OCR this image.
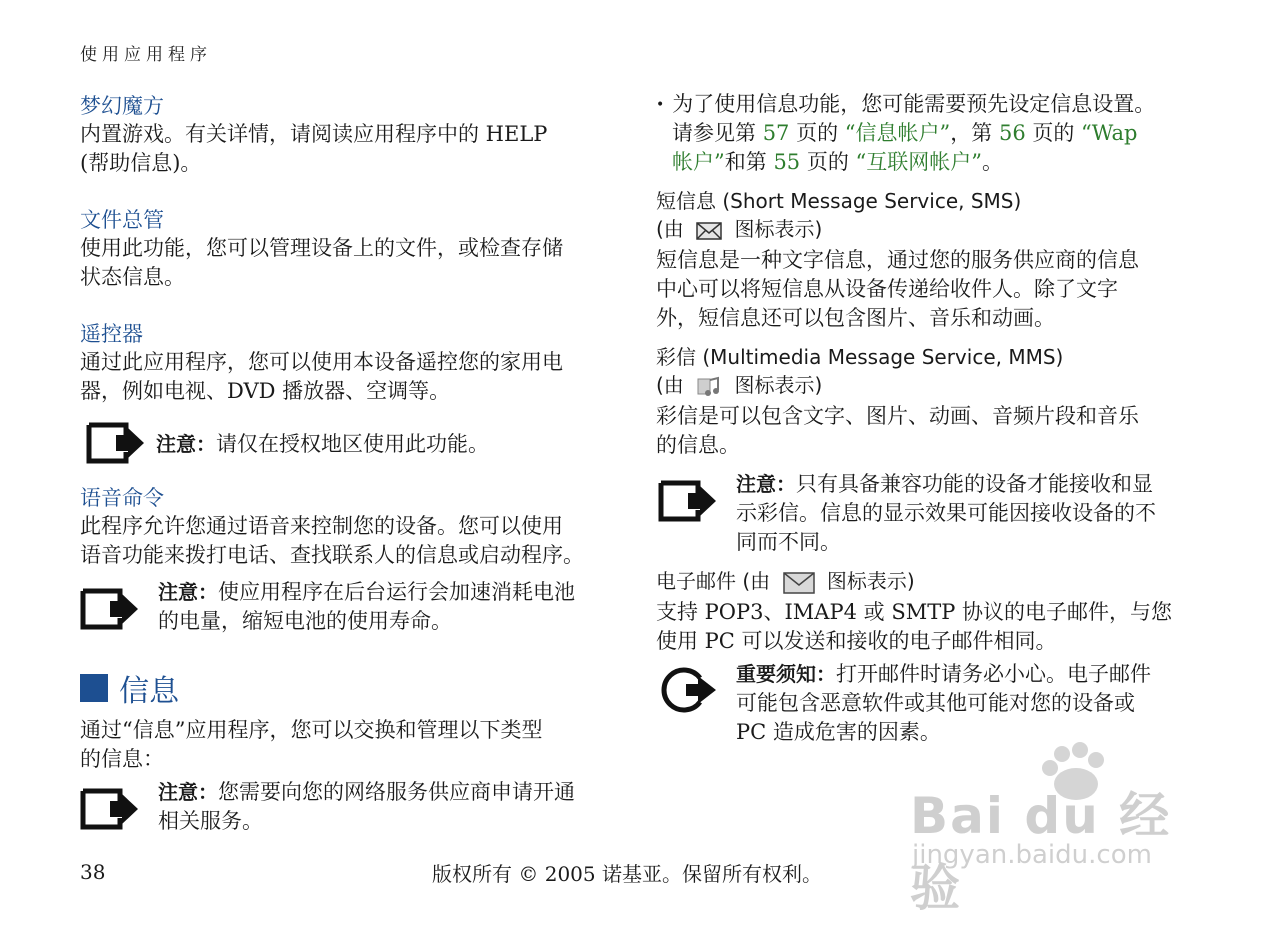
使用应用程序
梦幻魔方
内置游戏。有关详情，请阅读应用程序中的 HELP
(帮助信息)。
文件总管
使用此功能，您可以管理设备上的文件，或检查存储
状态信息。
遥控器
通过此应用程序，您可以使用本设备遥控您的家用电
器，例如电视、DVD 播放器、空调等。
注意：请仅在授权地区使用此功能。
语音命令
此程序允许您通过语音来控制您的设备。您可以使用
语音功能来拨打电话、查找联系人的信息或启动程序。
注意：使应用程序在后台运行会加速消耗电池
的电量，缩短电池的使用寿命。
信息
通过“信息”应用程序，您可以交换和管理以下类型
的信息：
注意：您需要向您的网络服务供应商申请开通
相关服务。
• 为了使用信息功能，您可能需要预先设定信息设置。
请参见第 57 页的 “信息帐户”，第 56 页的 “Wap
帐户”和第 55 页的 “互联网帐户”。
短信息 (Short Message Service, SMS)
(由	图标表示)
短信息是一种文字信息，通过您的服务供应商的信息
中心可以将短信息从设备传递给收件人。除了文字
外，短信息还可以包含图片、音乐和动画。
彩信 (Multimedia Message Service, MMS)
(由	图标表示)
彩信是可以包含文字、图片、动画、音频片段和音乐
的信息。
注意：只有具备兼容功能的设备才能接收和显
示彩信。信息的显示效果可能因接收设备的不
同而不同。
电子邮件 (由	图标表示)
支持 POP3、IMAP4 或 SMTP 协议的电子邮件，与您
使用 PC 可以发送和接收的电子邮件相同。
重要须知：打开邮件时请务必小心。电子邮件
可能包含恶意软件或其他可能对您的设备或
PC 造成危害的因素。
Bai du 经验
jingyan.baidu.com
38	版权所有 © 2005 诺基亚。保留所有权利。
